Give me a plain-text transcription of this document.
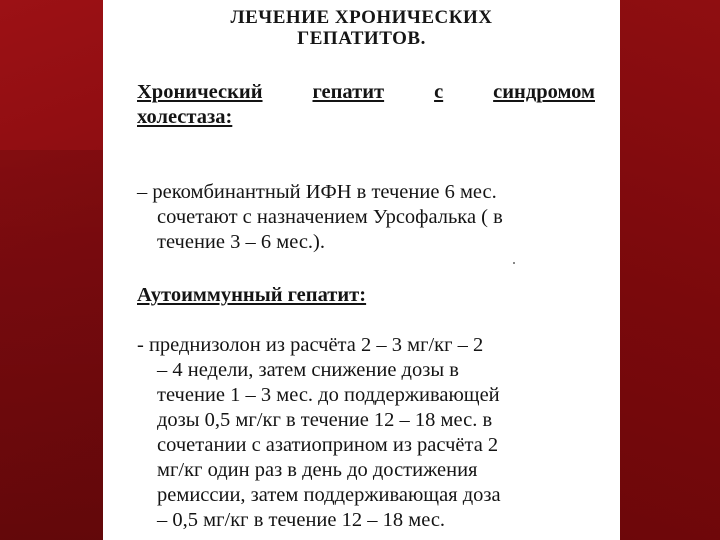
ЛЕЧЕНИЕ ХРОНИЧЕСКИХ
ГЕПАТИТОВ.
Хронический гепатит с синдромом
холестаза:
– рекомбинантный ИФН в течение 6 мес.
сочетают с назначением Урсофалька ( в
течение 3 – 6 мес.).
Аутоиммунный гепатит:
- преднизолон из расчёта 2 – 3 мг/кг – 2
– 4 недели, затем снижение дозы в
течение 1 – 3 мес. до поддерживающей
дозы 0,5 мг/кг в течение 12 – 18 мес. в
сочетании с азатиоприном из расчёта 2
мг/кг один раз в день до достижения
ремиссии, затем поддерживающая доза
– 0,5 мг/кг в течение 12 – 18 мес.
